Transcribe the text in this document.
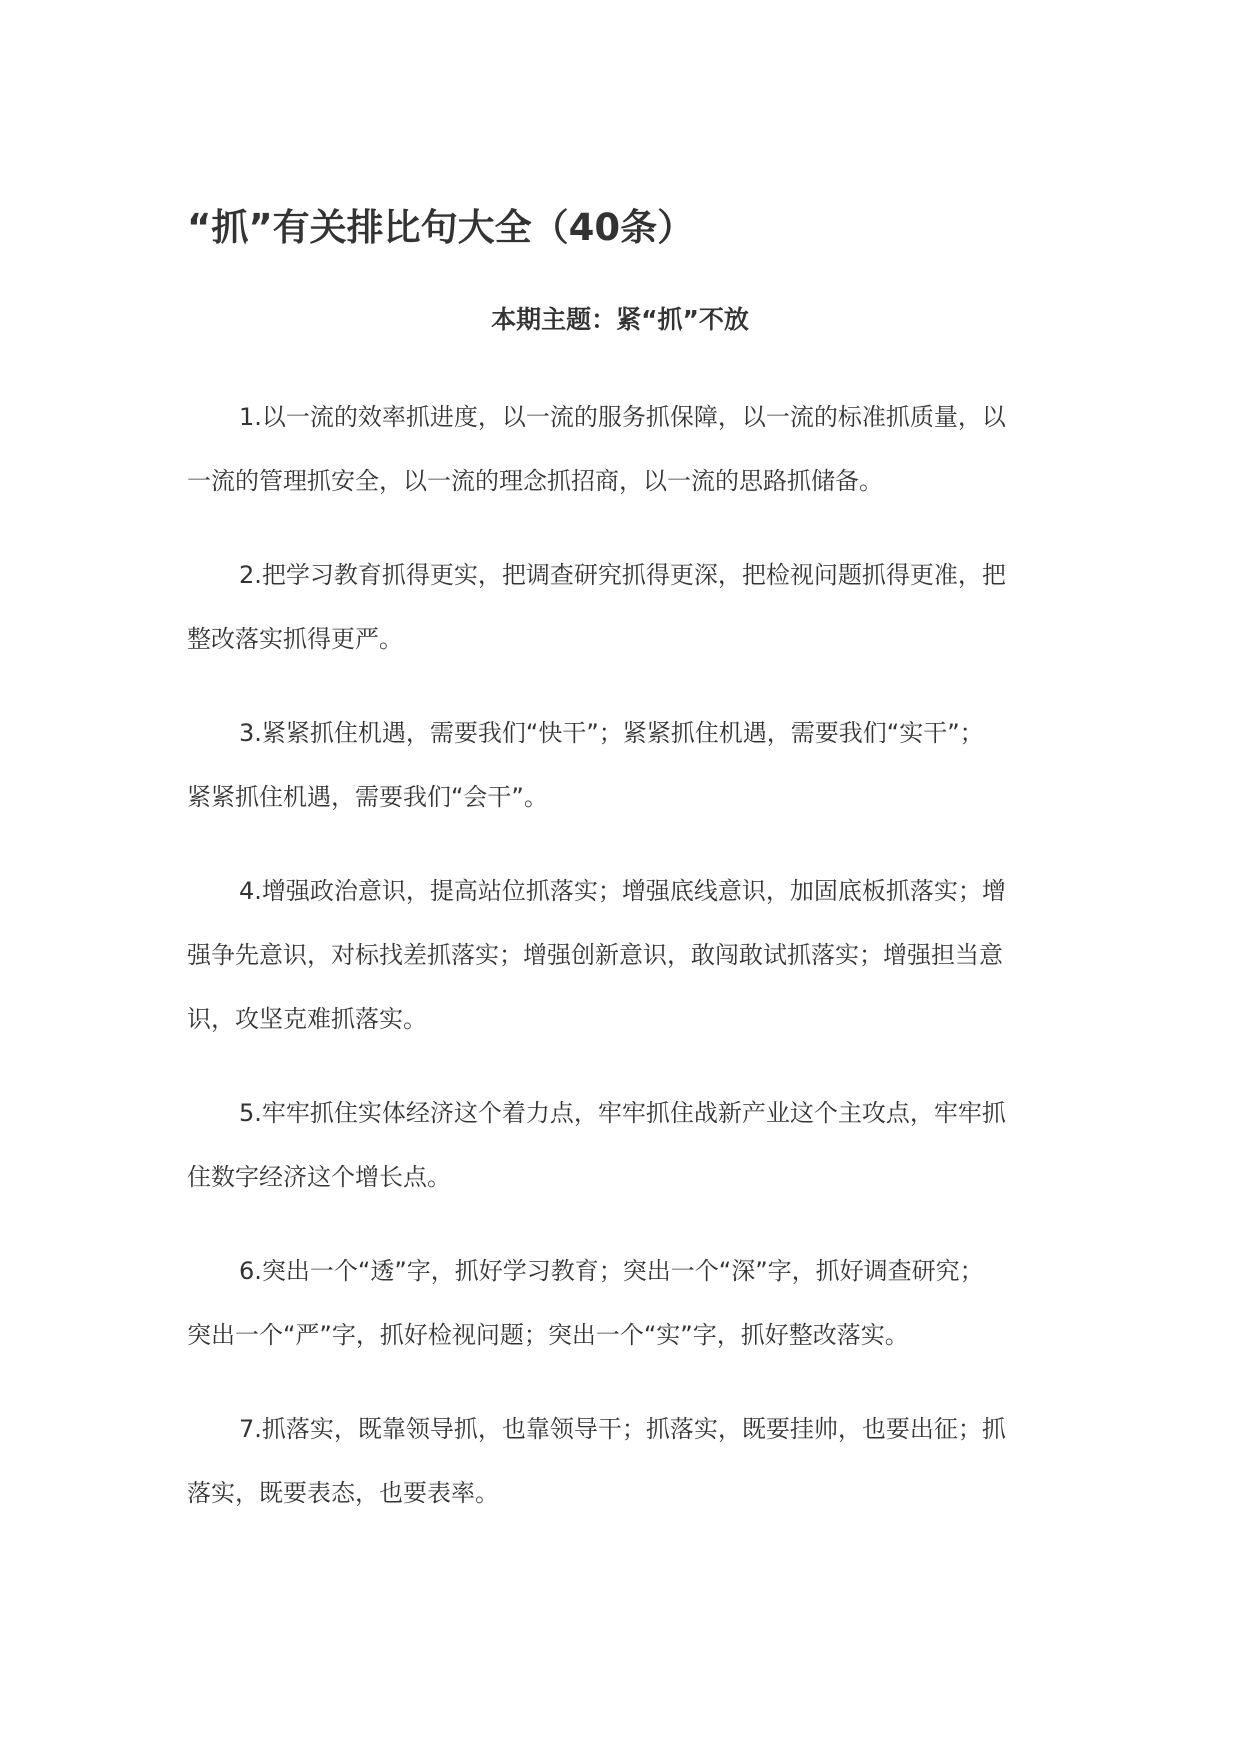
“抓”有关排比句大全（40条）
本期主题：紧“抓”不放

1.以一流的效率抓进度，以一流的服务抓保障，以一流的标准抓质量，以
一流的管理抓安全，以一流的理念抓招商，以一流的思路抓储备。

2.把学习教育抓得更实，把调查研究抓得更深，把检视问题抓得更准，把
整改落实抓得更严。

3.紧紧抓住机遇，需要我们“快干”；紧紧抓住机遇，需要我们“实干”；
紧紧抓住机遇，需要我们“会干”。

4.增强政治意识，提高站位抓落实；增强底线意识，加固底板抓落实；增
强争先意识，对标找差抓落实；增强创新意识，敢闯敢试抓落实；增强担当意
识，攻坚克难抓落实。

5.牢牢抓住实体经济这个着力点，牢牢抓住战新产业这个主攻点，牢牢抓
住数字经济这个增长点。

6.突出一个“透”字，抓好学习教育；突出一个“深”字，抓好调查研究；
突出一个“严”字，抓好检视问题；突出一个“实”字，抓好整改落实。

7.抓落实，既靠领导抓，也靠领导干；抓落实，既要挂帅，也要出征；抓
落实，既要表态，也要表率。
